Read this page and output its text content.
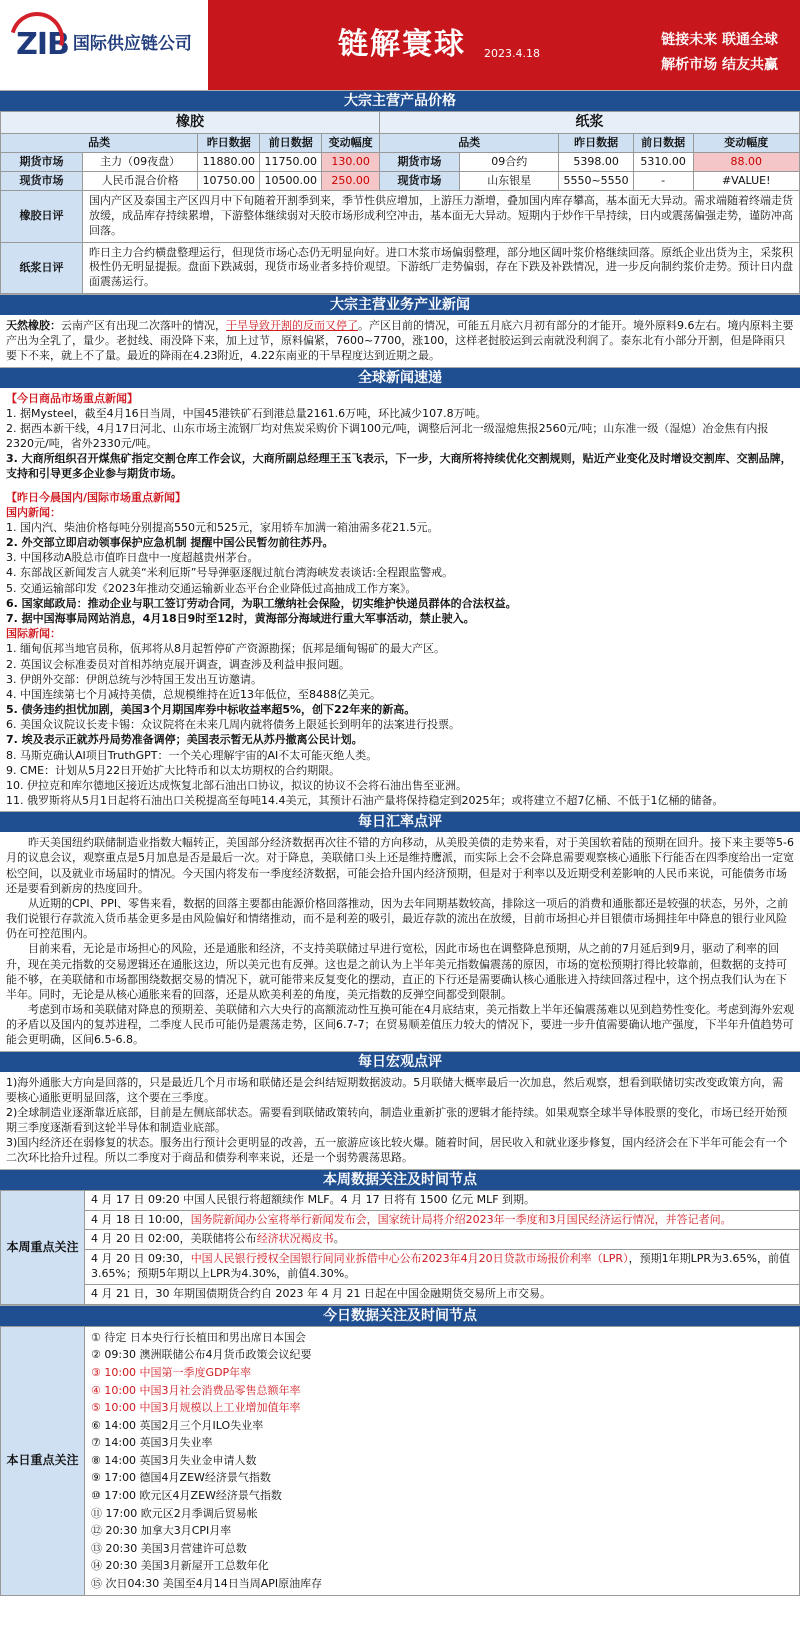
ZIB 国际供应链公司	链解寰球 2023.4.18
链接未来 联通全球
解析市场 结友共赢
大宗主营产品价格
橡胶					纸浆				
品类		昨日数据	前日数据	变动幅度	品类		昨日数据	前日数据	变动幅度
期货市场	主力（09夜盘）	11880.00	11750.00	130.00	期货市场	09合约	5398.00	5310.00	88.00
现货市场	人民币混合价格	10750.00	10500.00	250.00	现货市场	山东银星	5550~5550	-	#VALUE!
橡胶日评	国内产区及泰国主产区四月中下旬随着开割季到来，季节性供应增加，上游压力渐增，叠加国内库存攀高，基本面无大异动。需求端随着终端走货放缓，成品库存持续累增，下游整体继续弱对天胶市场形成利空冲击，基本面无大异动。短期内于炒作干旱持续，日内或震荡偏强走势，谨防冲高回落。								
纸浆日评	昨日主力合约横盘整理运行，但现货市场心态仍无明显向好。进口木浆市场偏弱整理，部分地区阔叶浆价格继续回落。原纸企业出货为主，采浆积极性仍无明显提振。盘面下跌减弱，现货市场业者多持价观望。下游纸厂走势偏弱，存在下跌及补跌情况，进一步反向制约浆价走势。预计日内盘面震荡运行。								
大宗主营业务产业新闻
天然橡胶：云南产区有出现二次落叶的情况，干旱导致开割的反而又停了。产区目前的情况，可能五月底六月初有部分的才能开。境外原料9.6左右。境内原料主要产出为全乳了，量少。老挝线、雨没降下来，加上过节，原料偏紧，7600~7700，涨100，这样老挝胶运到云南就没利润了。泰东北有小部分开割，但是降雨只要下不来，就上不了量。最近的降雨在4.23附近，4.22东南亚的干旱程度达到近期之最。
全球新闻速递

【今日商品市场重点新闻】

1. 据Mysteel，截至4月16日当周，中国45港铁矿石到港总量2161.6万吨，环比减少107.8万吨。

2. 据西本新干线，4月17日河北、山东市场主流钢厂均对焦炭采购价下调100元/吨，调整后河北一级湿熄焦报2560元/吨；山东准一级（湿熄）冶金焦有内报2320元/吨，省外2330元/吨。

3. 大商所组织召开煤焦矿指定交割仓库工作会议，大商所副总经理王玉飞表示，下一步，大商所将持续优化交割规则，贴近产业变化及时增设交割库、交割品牌，支持和引导更多企业参与期货市场。

【昨日今晨国内/国际市场重点新闻】

国内新闻：

1. 国内汽、柴油价格每吨分别提高550元和525元，家用轿车加满一箱油需多花21.5元。

2. 外交部立即启动领事保护应急机制 提醒中国公民暂勿前往苏丹。

3. 中国移动A股总市值昨日盘中一度超越贵州茅台。

4. 东部战区新闻发言人就美“米利厄斯”号导弹驱逐舰过航台湾海峡发表谈话:全程跟监警戒。

5. 交通运输部印发《2023年推动交通运输新业态平台企业降低过高抽成工作方案》。

6. 国家邮政局：推动企业与职工签订劳动合同，为职工缴纳社会保险，切实维护快递员群体的合法权益。

7. 据中国海事局网站消息，4月18日9时至12时，黄海部分海域进行重大军事活动，禁止驶入。

国际新闻：

1. 缅甸佤邦当地官员称，佤邦将从8月起暂停矿产资源勘探；佤邦是缅甸锡矿的最大产区。

2. 英国议会标准委员对首相苏纳克展开调查，调查涉及利益申报问题。

3. 伊朗外交部：伊朗总统与沙特国王发出互访邀请。

4. 中国连续第七个月减持美债，总规模维持在近13年低位，至8488亿美元。

5. 债务违约担忧加剧，美国3个月期国库券中标收益率超5%，创下22年来的新高。

6. 美国众议院议长麦卡锡：众议院将在未来几周内就将债务上限延长到明年的法案进行投票。

7. 埃及表示正就苏丹局势准备调停；美国表示暂无从苏丹撤离公民计划。

8. 马斯克确认AI项目TruthGPT：一个关心理解宇宙的AI不太可能灭绝人类。

9. CME：计划从5月22日开始扩大比特币和以太坊期权的合约期限。

10. 伊拉克和库尔德地区接近达成恢复北部石油出口协议，拟议的协议不会将石油出售至亚洲。

11. 俄罗斯将从5月1日起将石油出口关税提高至每吨14.4美元，其预计石油产量将保持稳定到2025年；或将建立不超7亿桶、不低于1亿桶的储备。

每日汇率点评

昨天美国纽约联储制造业指数大幅转正，美国部分经济数据再次往不错的方向移动，从美股美债的走势来看，对于美国软着陆的预期在回升。接下来主要等5-6月的议息会议，观察重点是5月加息是否是最后一次。对于降息，美联储口头上还是维持鹰派，而实际上会不会降息需要观察核心通胀下行能否在四季度给出一定宽松空间，以及就业市场届时的情况。今天国内将发布一季度经济数据，可能会拾升国内经济预期，但是对于利率以及近期受利差影响的人民币来说，可能债务市场还是要看到新房的热度回升。

从近期的CPI、PPI、零售来看，数据的回落主要都由能源价格回落推动，因为去年同期基数较高，排除这一项后的消费和通胀都还是较强的状态，另外，之前我们说银行存款流入货币基金更多是由风险偏好和情绪推动，而不是利差的吸引，最近存款的流出在放缓，目前市场担心并目银债市场拥挂年中降息的银行业风险仍在可控范围内。

目前来看，无论是市场担心的风险，还是通胀和经济，不支持美联储过早进行宽松，因此市场也在调整降息预期，从之前的7月延后到9月，驱动了利率的回升，现在美元指数的交易逻辑还在通胀这边，所以美元也有反弹。这也是之前认为上半年美元指数偏震荡的原因，市场的宽松预期打得比较靠前，但数据的支持可能不够，在美联储和市场都围绕数据交易的情况下，就可能带来反复变化的摆动，直正的下行还是需要确认核心通胀进入持续回落过程中，这个拐点我们认为在下半年。同时，无论是从核心通胀来看的回落，还是从欧美利差的角度，美元指数的反弹空间都受到限制。

考虑到市场和美联储对降息的预期差、美联储和六大央行的高额流动性互换可能在4月底结束，美元指数上半年还偏震荡难以见到趋势性变化。考虑到海外宏观的矛盾以及国内的复苏进程，二季度人民币可能仍是震荡走势，区间6.7-7；在贸易顺差值压力较大的情况下，要进一步升值需要确认地产强度，下半年升值趋势可能会更明确，区间6.5-6.8。

每日宏观点评

1)海外通胀大方向是回落的，只是最近几个月市场和联储还是会纠结短期数据波动。5月联储大概率最后一次加息，然后观察，想看到联储切实改变政策方向，需要核心通胀更明显回落，这个要在三季度。

2)全球制造业逐渐靠近底部，目前是左侧底部状态。需要看到联储政策转向，制造业重新扩张的逻辑才能持续。如果观察全球半导体股票的变化，市场已经开始预期三季度逐渐看到这轮半导体和制造业底部。

3)国内经济还在弱修复的状态。服务出行预计会更明显的改善，五一旅游应该比较火爆。随着时间，居民收入和就业逐步修复，国内经济会在下半年可能会有一个二次环比拾升过程。所以二季度对于商品和债券利率来说，还是一个弱势震荡思路。

本周数据关注及时间节点
本周重点关注	4 月 17 日 09:20 中国人民银行将超额续作 MLF。4 月 17 日将有 1500 亿元 MLF 到期。
4 月 18 日 10:00，国务院新闻办公室将举行新闻发布会，国家统计局将介绍2023年一季度和3月国民经济运行情况，并答记者问。
4 月 20 日 02:00，美联储将公布经济状况褐皮书。
4 月 20 日 09:30，中国人民银行授权全国银行间同业拆借中心公布2023年4月20日贷款市场报价利率（LPR），预期1年期LPR为3.65%，前值3.65%；预期5年期以上LPR为4.30%，前值4.30%。
4 月 21 日，30 年期国债期货合约自 2023 年 4 月 21 日起在中国金融期货交易所上市交易。
今日数据关注及时间节点
本日重点关注	
① 待定 日本央行行长植田和男出席日本国会
② 09:30 澳洲联储公布4月货币政策会议纪要
③ 10:00 中国第一季度GDP年率
④ 10:00 中国3月社会消费品零售总额年率
⑤ 10:00 中国3月规模以上工业增加值年率
⑥ 14:00 英国2月三个月ILO失业率
⑦ 14:00 英国3月失业率
⑧ 14:00 英国3月失业金申请人数
⑨ 17:00 德国4月ZEW经济景气指数
⑩ 17:00 欧元区4月ZEW经济景气指数
⑪ 17:00 欧元区2月季调后贸易帐
⑫ 20:30 加拿大3月CPI月率
⑬ 20:30 美国3月营建许可总数
⑭ 20:30 美国3月新屋开工总数年化
⑮ 次日04:30 美国至4月14日当周API原油库存
